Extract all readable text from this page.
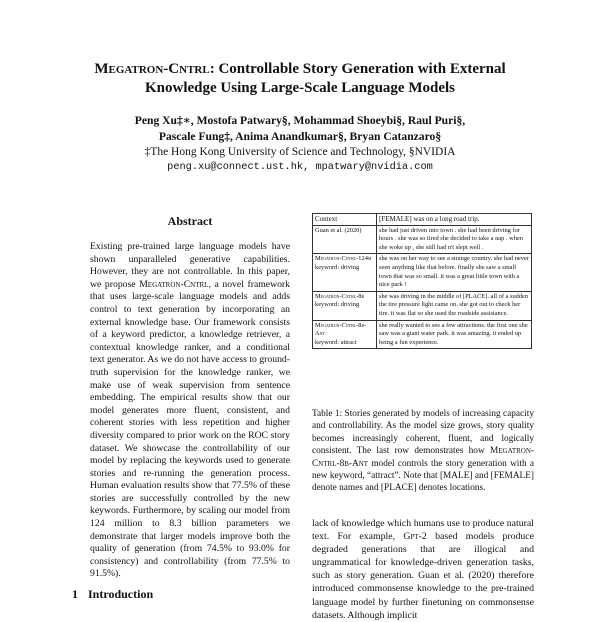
Megatron-Cntrl: Controllable Story Generation with External
Knowledge Using Large-Scale Language Models
Peng Xu‡∗, Mostofa Patwary§, Mohammad Shoeybi§, Raul Puri§,
Pascale Fung‡, Anima Anandkumar§, Bryan Catanzaro§
‡The Hong Kong University of Science and Technology, §NVIDIA
peng.xu@connect.ust.hk, mpatwary@nvidia.com
Abstract
Existing pre-trained large language models have shown unparalleled generative capabilities. However, they are not controllable. In this paper, we propose Megatron-Cntrl, a novel framework that uses large-scale language models and adds control to text generation by incorporating an external knowledge base. Our framework consists of a keyword predictor, a knowledge retriever, a contextual knowledge ranker, and a conditional text generator. As we do not have access to ground-truth supervision for the knowledge ranker, we make use of weak supervision from sentence embedding. The empirical results show that our model generates more fluent, consistent, and coherent stories with less repetition and higher diversity compared to prior work on the ROC story dataset. We showcase the controllability of our model by replacing the keywords used to generate stories and re-running the generation process. Human evaluation results show that 77.5% of these stories are successfully controlled by the new keywords. Furthermore, by scaling our model from 124 million to 8.3 billion parameters we demonstrate that larger models improve both the quality of generation (from 74.5% to 93.0% for consistency) and controllability (from 77.5% to 91.5%).
1 Introduction
Context	[FEMALE] was on a long road trip.
Guan et al. (2020)	she had just driven into town . she had been driving for hours . she was so tired she decided to take a nap . when she woke up , she still had n't slept well .
Megatron-Cntrl-124m
keyword: driving	she was on her way to see a strange country. she had never seen anything like that before. finally she saw a small town that was so small. it was a great little town with a nice park !
Megatron-Cntrl-8b
keyword: driving	she was driving in the middle of [PLACE]. all of a sudden the tire pressure light came on. she got out to check her tire. it was flat so she used the roadside assistance.
Megatron-Cntrl-8b-Ant
keyword: attract	she really wanted to see a few attractions. the first one she saw was a giant water park. it was amazing. it ended up being a fun experience.
Table 1: Stories generated by models of increasing capacity and controllability. As the model size grows, story quality becomes increasingly coherent, fluent, and logically consistent. The last row demonstrates how Megatron-Cntrl-8b-Ant model controls the story generation with a new keyword, “attract”. Note that [MALE] and [FEMALE] denote names and [PLACE] denotes locations.
lack of knowledge which humans use to produce natural text. For example, Gpt-2 based models produce degraded generations that are illogical and ungrammatical for knowledge-driven generation tasks, such as story generation. Guan et al. (2020) therefore introduced commonsense knowledge to the pre-trained language model by further finetuning on commonsense datasets. Although implicit
